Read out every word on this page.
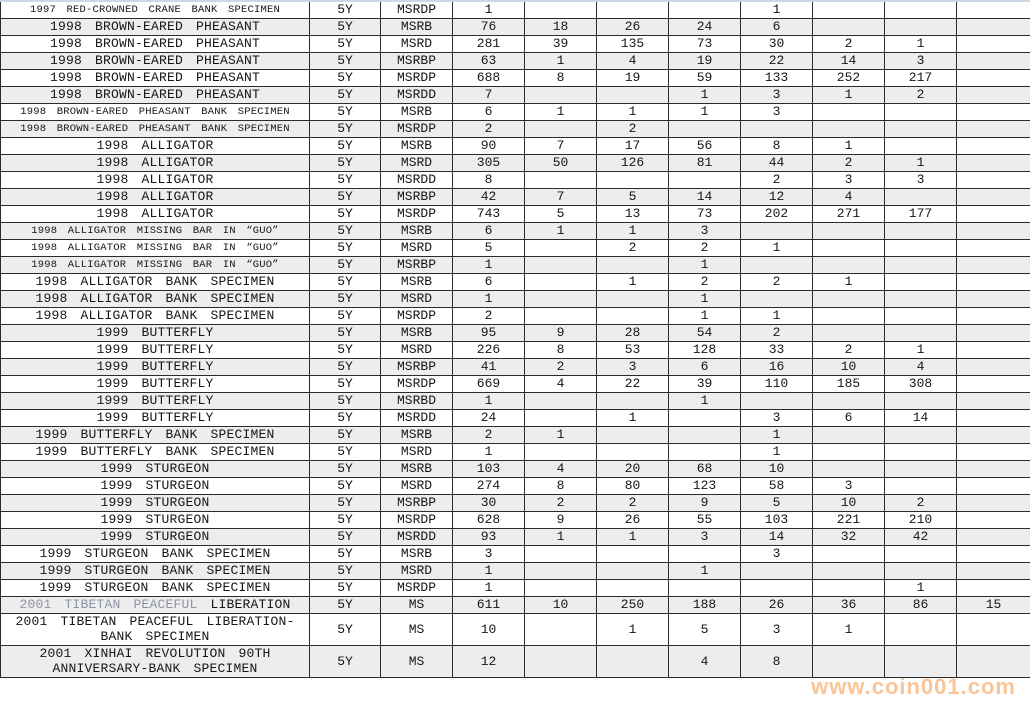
1997 RED-CROWNED CRANE BANK SPECIMEN	5Y	MSRDP	1				1			
1998 BROWN-EARED PHEASANT	5Y	MSRB	76	18	26	24	6			
1998 BROWN-EARED PHEASANT	5Y	MSRD	281	39	135	73	30	2	1	
1998 BROWN-EARED PHEASANT	5Y	MSRBP	63	1	4	19	22	14	3	
1998 BROWN-EARED PHEASANT	5Y	MSRDP	688	8	19	59	133	252	217	
1998 BROWN-EARED PHEASANT	5Y	MSRDD	7			1	3	1	2	
1998 BROWN-EARED PHEASANT BANK SPECIMEN	5Y	MSRB	6	1	1	1	3			
1998 BROWN-EARED PHEASANT BANK SPECIMEN	5Y	MSRDP	2		2					
1998 ALLIGATOR	5Y	MSRB	90	7	17	56	8	1		
1998 ALLIGATOR	5Y	MSRD	305	50	126	81	44	2	1	
1998 ALLIGATOR	5Y	MSRDD	8				2	3	3	
1998 ALLIGATOR	5Y	MSRBP	42	7	5	14	12	4		
1998 ALLIGATOR	5Y	MSRDP	743	5	13	73	202	271	177	
1998 ALLIGATOR MISSING BAR IN “GUO”	5Y	MSRB	6	1	1	3				
1998 ALLIGATOR MISSING BAR IN “GUO”	5Y	MSRD	5		2	2	1			
1998 ALLIGATOR MISSING BAR IN “GUO”	5Y	MSRBP	1			1				
1998 ALLIGATOR BANK SPECIMEN	5Y	MSRB	6		1	2	2	1		
1998 ALLIGATOR BANK SPECIMEN	5Y	MSRD	1			1				
1998 ALLIGATOR BANK SPECIMEN	5Y	MSRDP	2			1	1			
1999 BUTTERFLY	5Y	MSRB	95	9	28	54	2			
1999 BUTTERFLY	5Y	MSRD	226	8	53	128	33	2	1	
1999 BUTTERFLY	5Y	MSRBP	41	2	3	6	16	10	4	
1999 BUTTERFLY	5Y	MSRDP	669	4	22	39	110	185	308	
1999 BUTTERFLY	5Y	MSRBD	1			1				
1999 BUTTERFLY	5Y	MSRDD	24		1		3	6	14	
1999 BUTTERFLY BANK SPECIMEN	5Y	MSRB	2	1			1			
1999 BUTTERFLY BANK SPECIMEN	5Y	MSRD	1				1			
1999 STURGEON	5Y	MSRB	103	4	20	68	10			
1999 STURGEON	5Y	MSRD	274	8	80	123	58	3		
1999 STURGEON	5Y	MSRBP	30	2	2	9	5	10	2	
1999 STURGEON	5Y	MSRDP	628	9	26	55	103	221	210	
1999 STURGEON	5Y	MSRDD	93	1	1	3	14	32	42	
1999 STURGEON BANK SPECIMEN	5Y	MSRB	3				3			
1999 STURGEON BANK SPECIMEN	5Y	MSRD	1			1				
1999 STURGEON BANK SPECIMEN	5Y	MSRDP	1						1	
2001 TIBETAN PEACEFUL LIBERATION	5Y	MS	611	10	250	188	26	36	86	15
2001 TIBETAN PEACEFUL LIBERATION-BANK SPECIMEN	5Y	MS	10		1	5	3	1		
2001 XINHAI REVOLUTION 90TH ANNIVERSARY-BANK SPECIMEN	5Y	MS	12			4	8			
www.coin001.com
